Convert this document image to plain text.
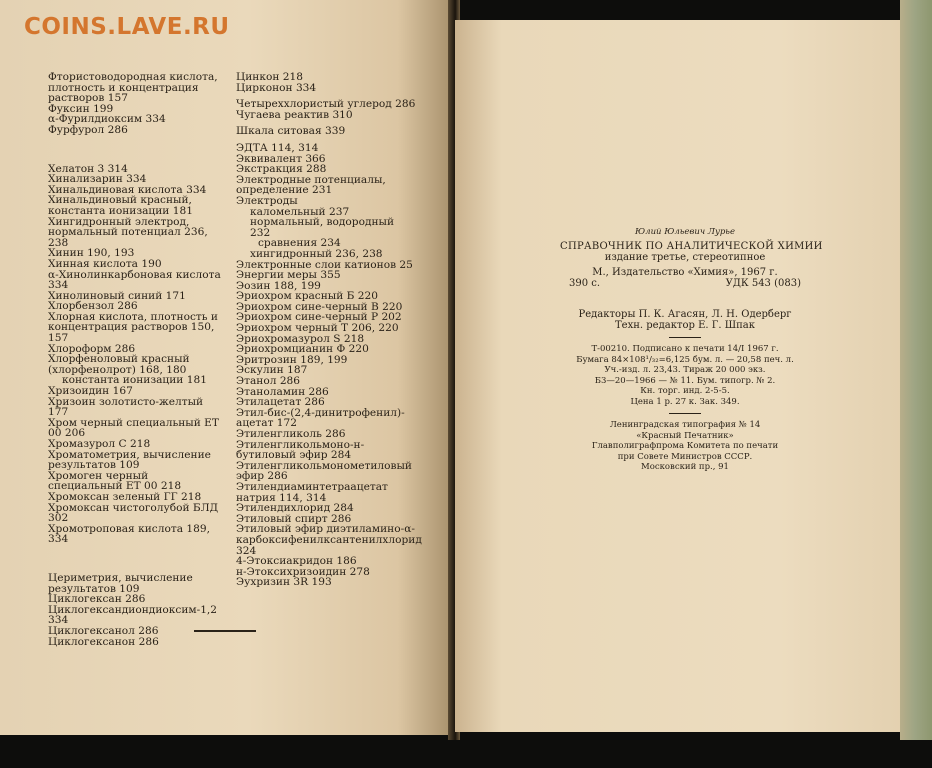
COINS.LAVE.RU
Фтористоводородная кислота, плотность и концентрация растворов 157
Фуксин 199
α-Фурилдиоксим 334
Фурфурол 286
Хелатон 3 314
Хинализарин 334
Хинальдиновая кислота 334
Хинальдиновый красный, константа ионизации 181
Хингидронный электрод, нормальный потенциал 236, 238
Хинин 190, 193
Хинная кислота 190
α-Хинолинкарбоновая кислота 334
Хинолиновый синий 171
Хлорбензол 286
Хлорная кислота, плотность и концентрация растворов 150, 157
Хлороформ 286
Хлорфеноловый красный (хлорфенолрот) 168, 180
константа ионизации 181
Хризоидин 167
Хризоин золотисто-желтый 177
Хром черный специальный ЕТ 00 206
Хромазурол С 218
Хроматометрия, вычисление результатов 109
Хромоген черный специальный ЕТ 00 218
Хромоксан зеленый ГГ 218
Хромоксан чистоголубой БЛД 302
Хромотроповая кислота 189, 334
Цериметрия, вычисление результатов 109
Циклогексан 286
Циклогександиондиоксим-1,2 334
Циклогексанол 286
Циклогексанон 286
Цинкон 218
Цирконон 334
Четыреххлористый углерод 286
Чугаева реактив 310
Шкала ситовая 339
ЭДТА 114, 314
Эквивалент 366
Экстракция 288
Электродные потенциалы, определение 231
Электроды
каломельный 237
нормальный, водородный 232
сравнения 234
хингидронный 236, 238
Электронные слои катионов 25
Энергии меры 355
Эозин 188, 199
Эриохром красный Б 220
Эриохром сине-черный В 220
Эриохром сине-черный Р 202
Эриохром черный Т 206, 220
Эриохромазурол S 218
Эриохромцианин Ф 220
Эритрозин 189, 199
Эскулин 187
Этанол 286
Этаноламин 286
Этилацетат 286
Этил-бис-(2,4-динитрофенил)-ацетат 172
Этиленгликоль 286
Этиленгликольмоно-н-бутиловый эфир 284
Этиленгликольмонометиловый эфир 286
Этилендиаминтетраацетат натрия 114, 314
Этилендихлорид 284
Этиловый спирт 286
Этиловый эфир диэтиламино-α-карбоксифенилксантенилхлорид 324
4-Этоксиакридон 186
н-Этоксихризоидин 278
Эухризин 3R 193
Юлий Юльевич Лурье
СПРАВОЧНИК ПО АНАЛИТИЧЕСКОЙ ХИМИИ
издание третье, стереотипное
М., Издательство «Химия», 1967 г.
390 с.	УДК 543 (083)
Редакторы П. К. Агасян, Л. Н. Одерберг
Техн. редактор Е. Г. Шпак
Т-00210. Подписано к печати 14/I 1967 г.
Бумага 84×108¹/₃₂=6,125 бум. л. — 20,58 печ. л.
Уч.-изд. л. 23,43. Тираж 20 000 экз.
Б3—20—1966 — № 11. Бум. типогр. № 2.
Кн. торг. инд. 2-5-5.
Цена 1 р. 27 к. Зак. 349.
Ленинградская типография № 14
«Красный Печатник»
Главполиграфпрома Комитета по печати
при Совете Министров СССР.
Московский пр., 91
